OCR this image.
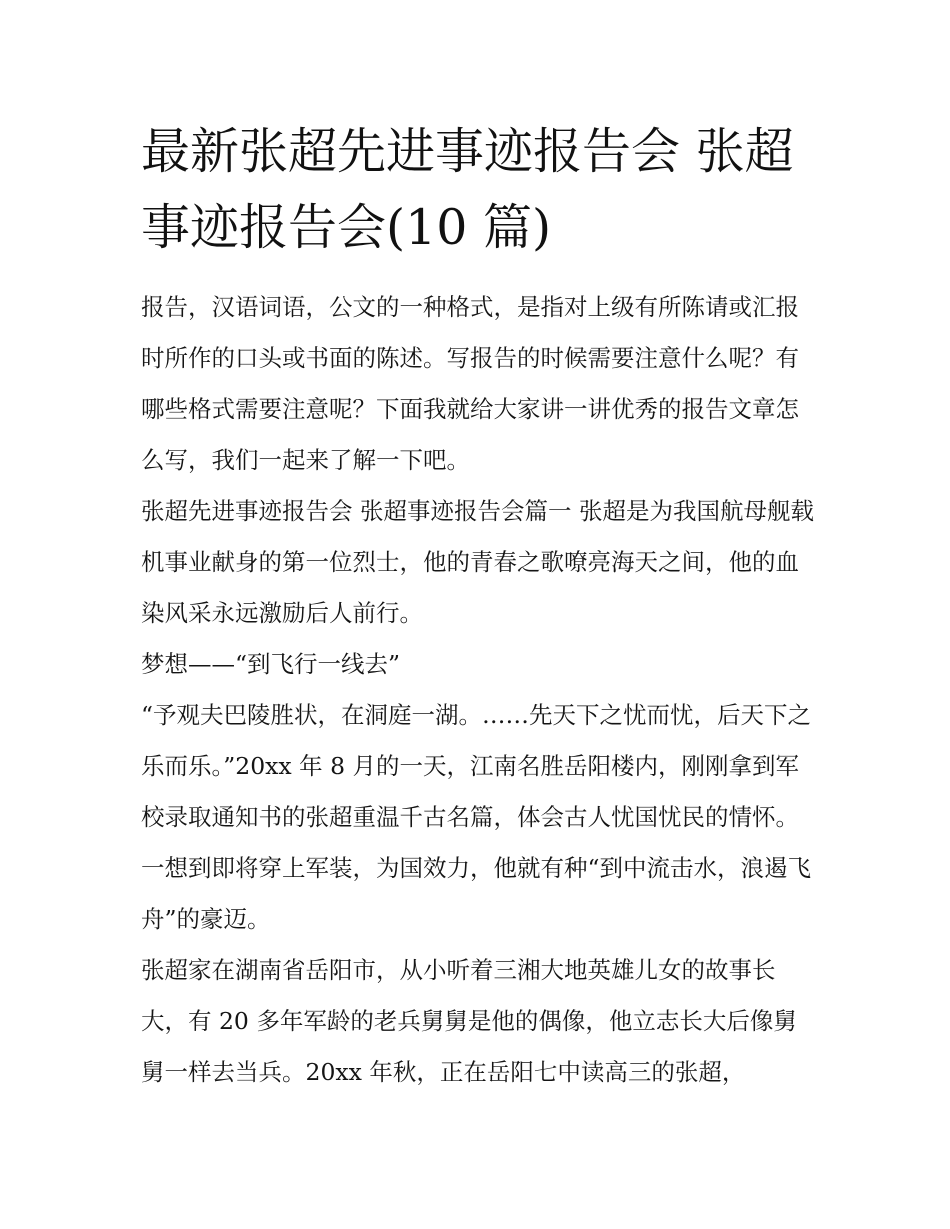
最新张超先进事迹报告会 张超事迹报告会(10 篇)

报告，汉语词语，公文的一种格式，是指对上级有所陈请或汇报时所作的口头或书面的陈述。写报告的时候需要注意什么呢？有哪些格式需要注意呢？下面我就给大家讲一讲优秀的报告文章怎么写，我们一起来了解一下吧。

张超先进事迹报告会 张超事迹报告会篇一 张超是为我国航母舰载机事业献身的第一位烈士，他的青春之歌嘹亮海天之间，他的血染风采永远激励后人前行。

梦想——“到飞行一线去”

“予观夫巴陵胜状，在洞庭一湖。……先天下之忧而忧，后天下之乐而乐。”20xx 年 8 月的一天，江南名胜岳阳楼内，刚刚拿到军校录取通知书的张超重温千古名篇，体会古人忧国忧民的情怀。一想到即将穿上军装，为国效力，他就有种“到中流击水，浪遏飞舟”的豪迈。

张超家在湖南省岳阳市，从小听着三湘大地英雄儿女的故事长大，有 20 多年军龄的老兵舅舅是他的偶像，他立志长大后像舅舅一样去当兵。20xx 年秋，正在岳阳七中读高三的张超，
